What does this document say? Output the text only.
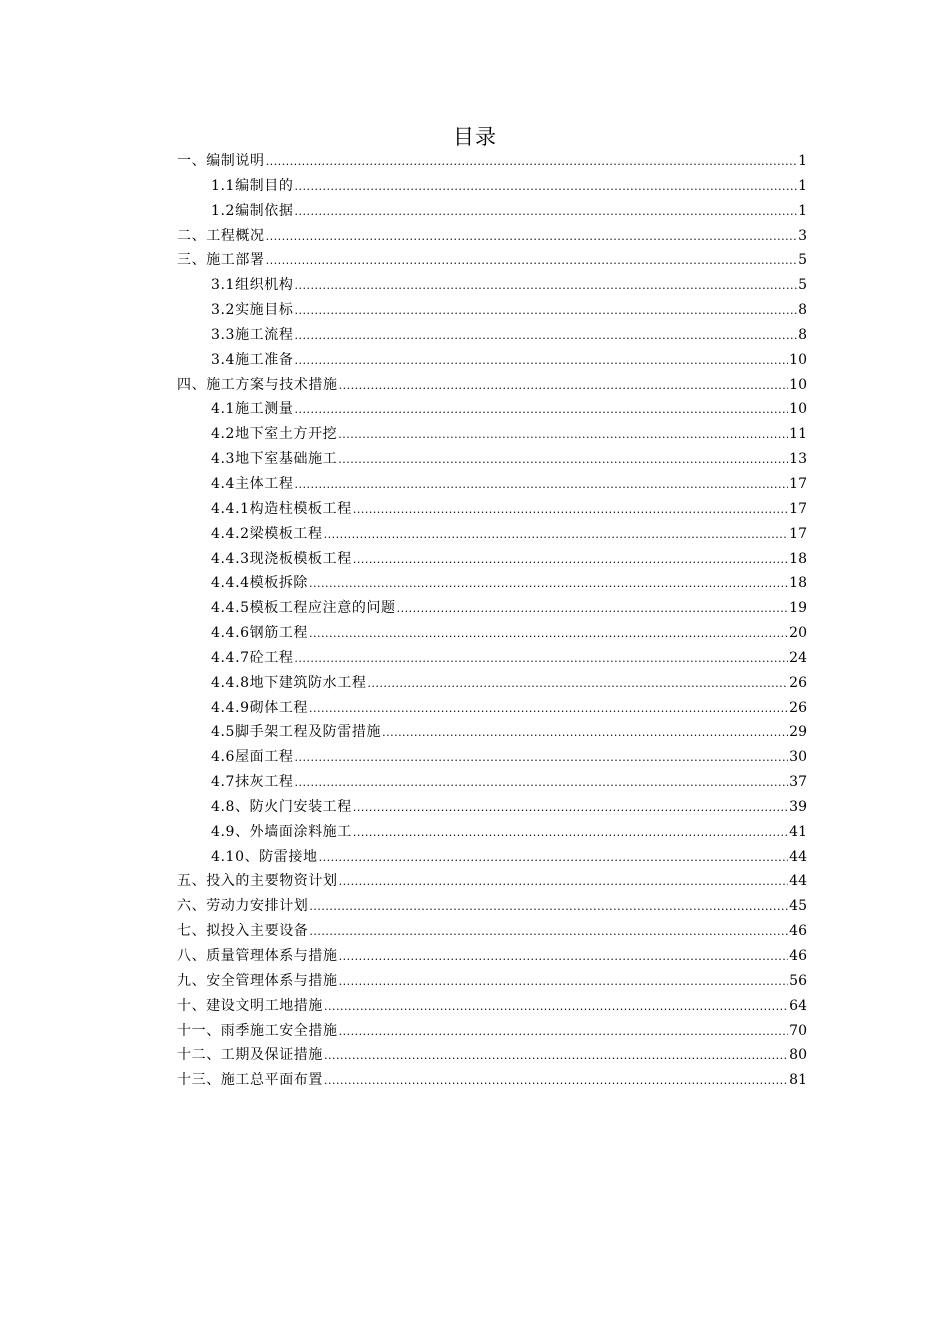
目录
一、编制说明 .....	1
1.1编制目的 .....	1
1.2编制依据 .....	1
二、工程概况 .....	3
三、施工部署 .....	5
3.1组织机构 .....	5
3.2实施目标 .....	8
3.3施工流程 .....	8
3.4施工准备 .....	10
四、施工方案与技术措施 .....	10
4.1施工测量 .....	10
4.2地下室土方开挖 .....	11
4.3地下室基础施工 .....	13
4.4主体工程 .....	17
4.4.1构造柱模板工程 .....	17
4.4.2梁模板工程 .....	17
4.4.3现浇板模板工程 .....	18
4.4.4模板拆除 .....	18
4.4.5模板工程应注意的问题 .....	19
4.4.6钢筋工程 .....	20
4.4.7砼工程 .....	24
4.4.8地下建筑防水工程 .....	26
4.4.9砌体工程 .....	26
4.5脚手架工程及防雷措施 .....	29
4.6屋面工程 .....	30
4.7抹灰工程 .....	37
4.8、防火门安装工程 .....	39
4.9、外墙面涂料施工 .....	41
4.10、防雷接地 .....	44
五、投入的主要物资计划 .....	44
六、劳动力安排计划 .....	45
七、拟投入主要设备 .....	46
八、质量管理体系与措施 .....	46
九、安全管理体系与措施 .....	56
十、建设文明工地措施 .....	64
十一、雨季施工安全措施 .....	70
十二、工期及保证措施 .....	80
十三、施工总平面布置 .....	81
